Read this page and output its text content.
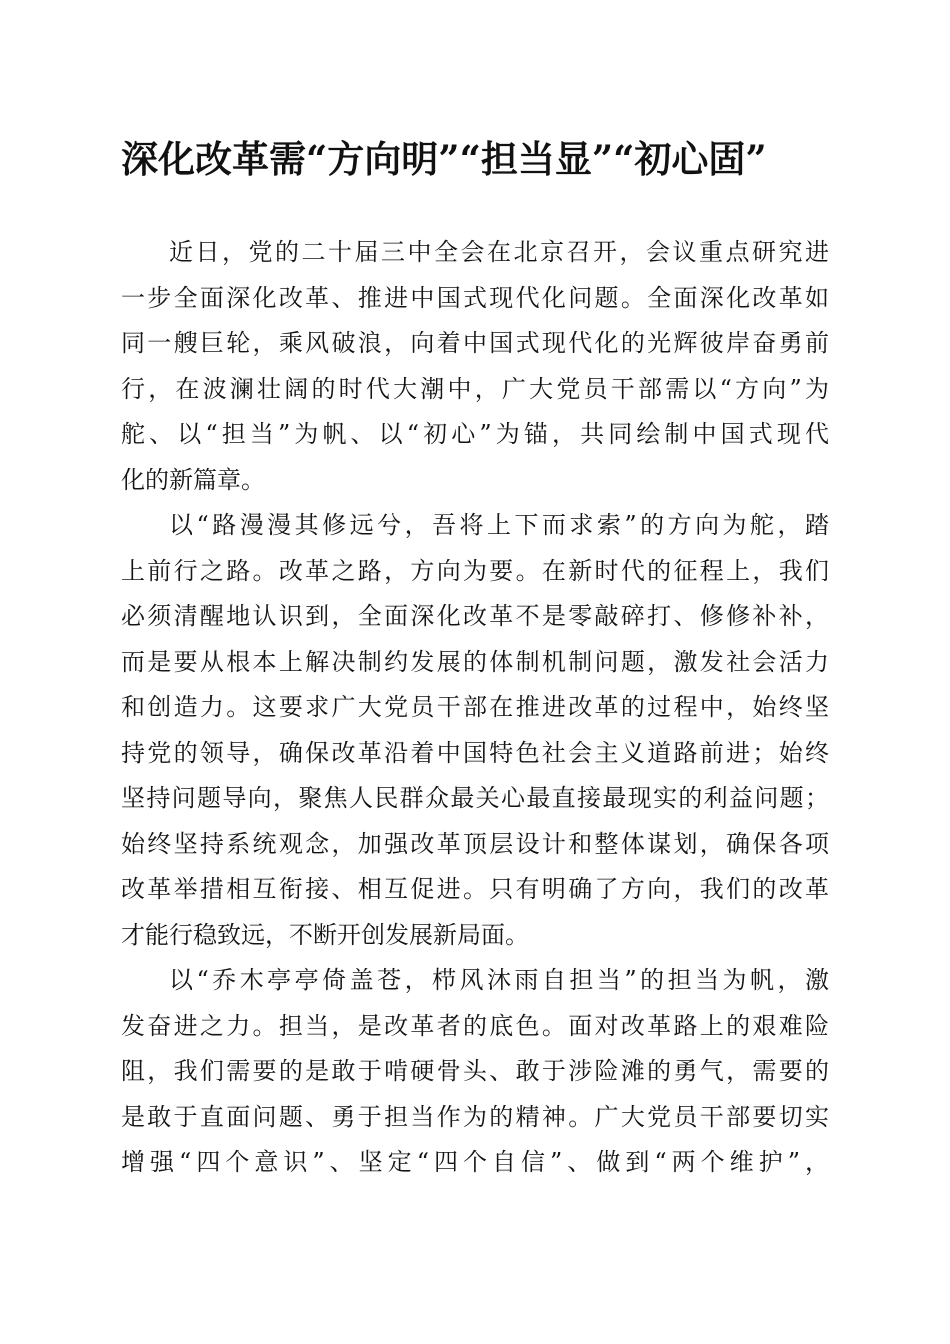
深化改革需“方向明”“担当显”“初心固”
近日，党的二十届三中全会在北京召开，会议重点研究进
一步全面深化改革、推进中国式现代化问题。全面深化改革如
同一艘巨轮，乘风破浪，向着中国式现代化的光辉彼岸奋勇前
行，在波澜壮阔的时代大潮中，广大党员干部需以“方向”为
舵、以“担当”为帆、以“初心”为锚，共同绘制中国式现代
化的新篇章。
以“路漫漫其修远兮，吾将上下而求索”的方向为舵，踏
上前行之路。改革之路，方向为要。在新时代的征程上，我们
必须清醒地认识到，全面深化改革不是零敲碎打、修修补补，
而是要从根本上解决制约发展的体制机制问题，激发社会活力
和创造力。这要求广大党员干部在推进改革的过程中，始终坚
持党的领导，确保改革沿着中国特色社会主义道路前进；始终
坚持问题导向，聚焦人民群众最关心最直接最现实的利益问题；
始终坚持系统观念，加强改革顶层设计和整体谋划，确保各项
改革举措相互衔接、相互促进。只有明确了方向，我们的改革
才能行稳致远，不断开创发展新局面。
以“乔木亭亭倚盖苍，栉风沐雨自担当”的担当为帆，激
发奋进之力。担当，是改革者的底色。面对改革路上的艰难险
阻，我们需要的是敢于啃硬骨头、敢于涉险滩的勇气，需要的
是敢于直面问题、勇于担当作为的精神。广大党员干部要切实
增强“四个意识”、坚定“四个自信”、做到“两个维护”，
